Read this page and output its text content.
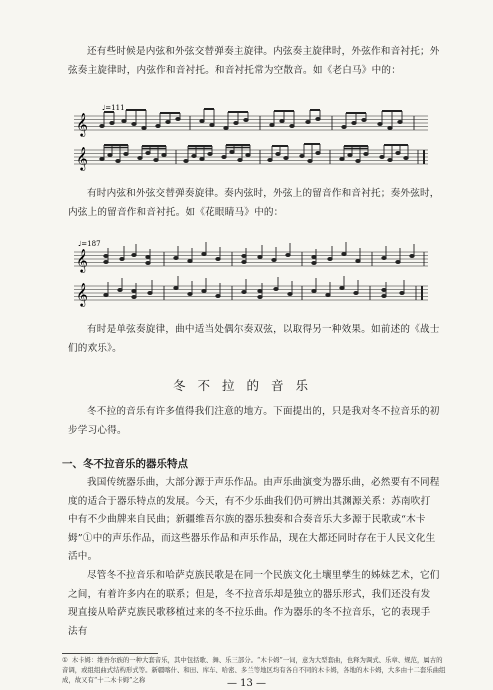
还有些时候是内弦和外弦交替弹奏主旋律。内弦奏主旋律时，外弦作和音衬托；外弦奏主旋律时，内弦作和音衬托。和音衬托常为空散音。如《老白马》中的：

♩=111
𝄞
𝄞

有时内弦和外弦交替弹奏旋律。奏内弦时，外弦上的留音作和音衬托；奏外弦时，内弦上的留音作和音衬托。如《花眼睛马》中的：

♩=187
𝄞
𝄞

有时是单弦奏旋律，曲中适当处偶尔奏双弦，以取得另一种效果。如前述的《战士们的欢乐》。

冬不拉的音乐

冬不拉的音乐有许多值得我们注意的地方。下面提出的，只是我对冬不拉音乐的初步学习心得。

一、冬不拉音乐的器乐特点

我国传统器乐曲，大部分源于声乐作品。由声乐曲演变为器乐曲，必然要有不同程度的适合于器乐特点的发展。今天，有不少乐曲我们仍可辨出其渊源关系：苏南吹打中有不少曲牌来自民曲；新疆维吾尔族的器乐独奏和合奏音乐大多源于民歌或“木卡姆”①中的声乐作品，而这些器乐作品和声乐作品，现在大都还同时存在于人民文化生活中。

尽管冬不拉音乐和哈萨克族民歌是在同一个民族文化土壤里孳生的姊妹艺术，它们之间，有着许多内在的联系；但是，冬不拉音乐却是独立的器乐形式，我们还没有发现直接从哈萨克族民歌移植过来的冬不拉乐曲。作为器乐的冬不拉音乐，它的表现手法有

① 木卡姆：维吾尔族的一种大套音乐，其中包括歌、舞、乐三部分。“木卡姆”一词，意为大型套曲，也释为调式、乐章、规范，属古的音调，或组组曲式结构形式等。新疆喀什、和田、库车、哈密、多兰等地区均有各自不同的木卡姆，各地的木卡姆，大多由十二套乐曲组成，故又有“十二木卡姆”之称	— 13 —
